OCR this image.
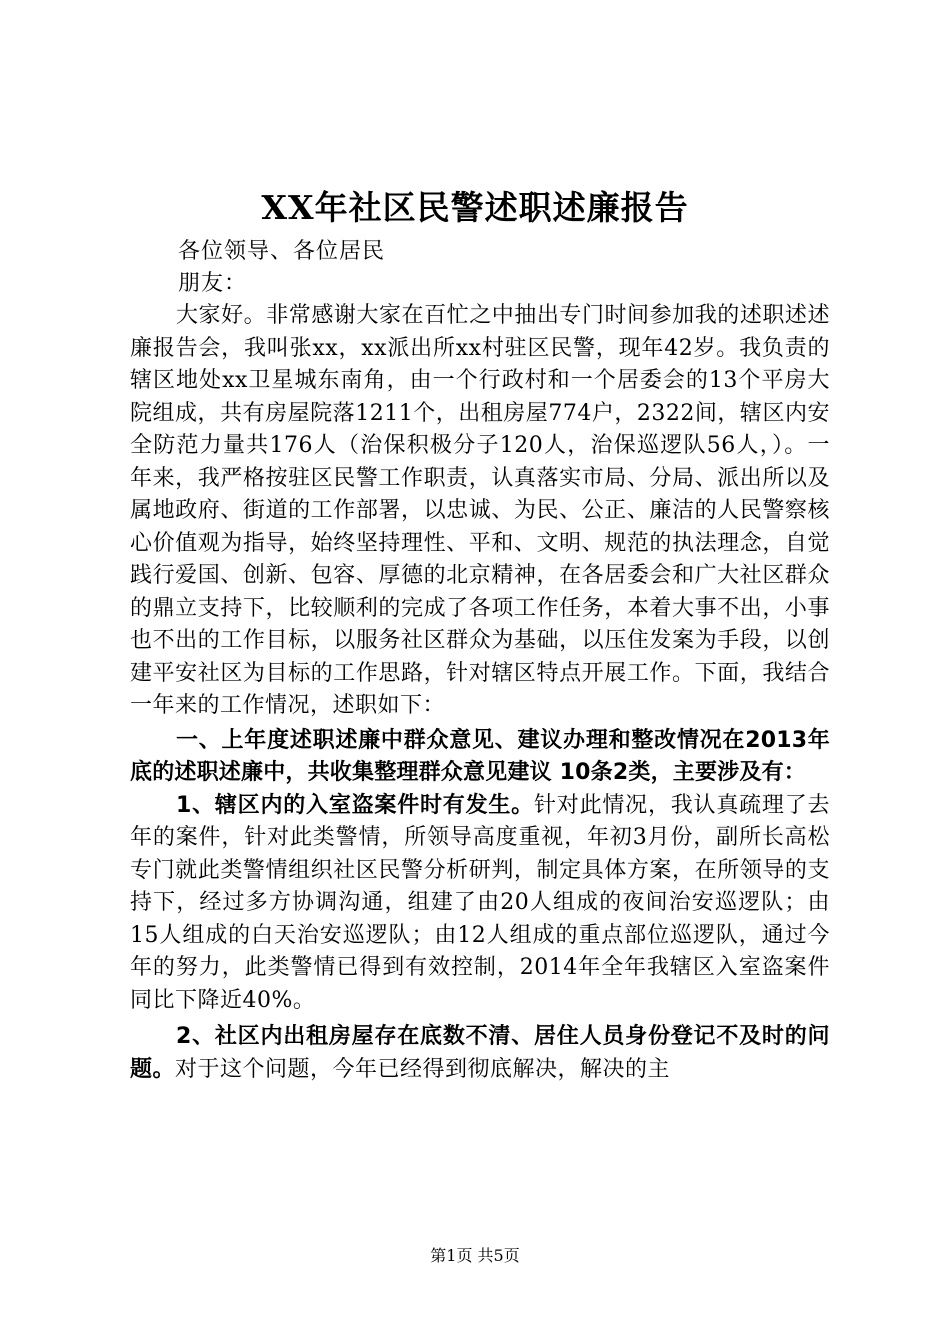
XX年社区民警述职述廉报告
各位领导、各位居民
朋友：

大家好。非常感谢大家在百忙之中抽出专门时间参加我的述职述述廉报告会，我叫张xx，xx派出所xx村驻区民警，现年42岁。我负责的辖区地处xx卫星城东南角，由一个行政村和一个居委会的13个平房大院组成，共有房屋院落1211个，出租房屋774户，2322间，辖区内安全防范力量共176人（治保积极分子120人，治保巡逻队56人，）。一年来，我严格按驻区民警工作职责，认真落实市局、分局、派出所以及属地政府、街道的工作部署，以忠诚、为民、公正、廉洁的人民警察核心价值观为指导，始终坚持理性、平和、文明、规范的执法理念，自觉践行爱国、创新、包容、厚德的北京精神，在各居委会和广大社区群众的鼎立支持下，比较顺利的完成了各项工作任务，本着大事不出，小事也不出的工作目标，以服务社区群众为基础，以压住发案为手段，以创建平安社区为目标的工作思路，针对辖区特点开展工作。下面，我结合一年来的工作情况，述职如下：

一、上年度述职述廉中群众意见、建议办理和整改情况在2013年底的述职述廉中，共收集整理群众意见建议 10条2类，主要涉及有：

1、辖区内的入室盗案件时有发生。针对此情况，我认真疏理了去年的案件，针对此类警情，所领导高度重视，年初3月份，副所长高松专门就此类警情组织社区民警分析研判，制定具体方案，在所领导的支持下，经过多方协调沟通，组建了由20人组成的夜间治安巡逻队；由15人组成的白天治安巡逻队；由12人组成的重点部位巡逻队，通过今年的努力，此类警情已得到有效控制，2014年全年我辖区入室盗案件同比下降近40%。

2、社区内出租房屋存在底数不清、居住人员身份登记不及时的问题。对于这个问题，今年已经得到彻底解决，解决的主

第1页 共5页
